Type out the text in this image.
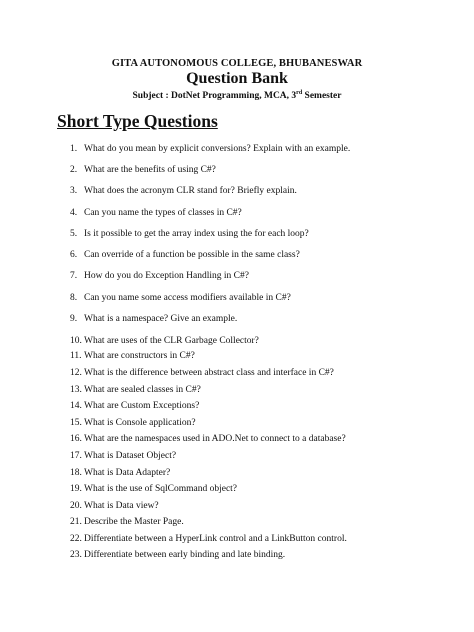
GITA AUTONOMOUS COLLEGE, BHUBANESWAR
Question Bank
Subject : DotNet Programming, MCA, 3rd Semester
Short Type Questions
1. What do you mean by explicit conversions? Explain with an example.
2. What are the benefits of using C#?
3. What does the acronym CLR stand for? Briefly explain.
4. Can you name the types of classes in C#?
5. Is it possible to get the array index using the for each loop?
6. Can override of a function be possible in the same class?
7. How do you do Exception Handling in C#?
8. Can you name some access modifiers available in C#?
9. What is a namespace? Give an example.
10. What are uses of the CLR Garbage Collector?
11. What are constructors in C#?
12. What is the difference between abstract class and interface in C#?
13. What are sealed classes in C#?
14. What are Custom Exceptions?
15. What is Console application?
16. What are the namespaces used in ADO.Net to connect to a database?
17. What is Dataset Object?
18. What is Data Adapter?
19. What is the use of SqlCommand object?
20. What is Data view?
21. Describe the Master Page.
22. Differentiate between a HyperLink control and a LinkButton control.
23. Differentiate between early binding and late binding.
